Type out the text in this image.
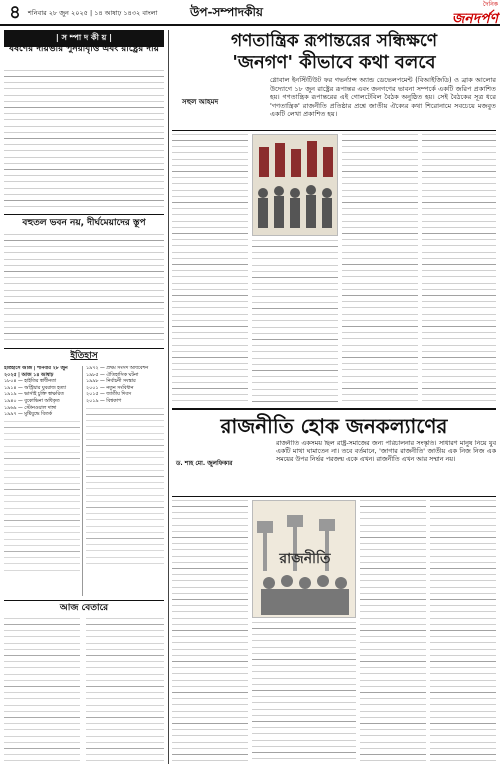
৪	শনিবার ২৮ জুন ২০২৫ | ১৪ আষাঢ় ১৪৩২ বাংলা	উপ-সম্পাদকীয়
দৈনিক
জনদর্পণ
| স ম্পা দ কী য় |
ধর্ষণের দায়ভার পুনরাবৃত্তি এবং রাষ্ট্রের দায়
বহুতল ভবন নয়, দীর্ঘমেয়াদের স্তূপ
ইতিহাস
ইতিহাসে আজ | শনিবার ২৮ জুন ২০২৫ | আজ ১৪ আষাঢ়
১৮০৪ — হাইতির স্বাধীনতা
১৯১৪ — অস্ট্রিয়ার যুবরাজ হত্যা
১৯১৯ — ভার্সাই চুক্তি স্বাক্ষরিত
১৯৪০ — বুকোভিনা অধিকৃত
১৯৬৯ — স্টোনওয়াল দাঙ্গা
১৯৯৭ — মুষ্টিযুদ্ধে বিতর্ক
১৯৭২ — প্রথম সংসদ অধিবেশন
১৯৮৫ — ঐতিহাসিক ঘটনা
১৯৯৮ — নির্বাচনী সংস্কার
২০০১ — নতুন সংবিধান
২০১৫ — জাতীয় দিবস
২০১৯ — বিশ্বকাপ
আজ বেতারে
গণতান্ত্রিক রূপান্তরের সন্ধিক্ষণে
'জনগণ' কীভাবে কথা বলবে
সহুল আহমদ
গ্লোবাল ইনস্টিটিউট ফর গভর্ন্যান্স অ্যান্ড ডেভেলপমেন্ট (বিআইজিডি) ও ব্রাক আলোর উদ্যোগে ১৮ জুন রাষ্ট্রের রূপান্তর এবং জনগণের ভাবনা সম্পর্কে একটি জরিপ প্রকাশিত হয়। গণতান্ত্রিক রূপান্তরের এই গোলটেবিল বৈঠক অনুষ্ঠিত হয়। সেই বৈঠকের সূত্র ধরে 'গণতান্ত্রিক' রাজনীতি প্রতিষ্ঠার প্রশ্নে জাতীয় ঐক্যের কথা শিরোনামে সবচেয়ে মজবুত একটি লেখা প্রকাশিত হয়।
রাজনীতি হোক জনকল্যাণের
ড. শাহ মো. জুলফিকার
রাজনীতি একসময় ছিল রাষ্ট্র-সমাজের জন্য পরিচালনার সংস্কৃতি। সাধারণ মানুষ নিয়ে যুব একটি মাথা ঘামাতেন না। তবে বর্তমানে, 'জাগার রাজনীতি' জাতীয় এক নিজ নিজ এক সময়ের উপর নির্ভর পরজন্ম একে এখন। রাজনীতি এখন আর সম্মান নয়।
রাজনীতি
